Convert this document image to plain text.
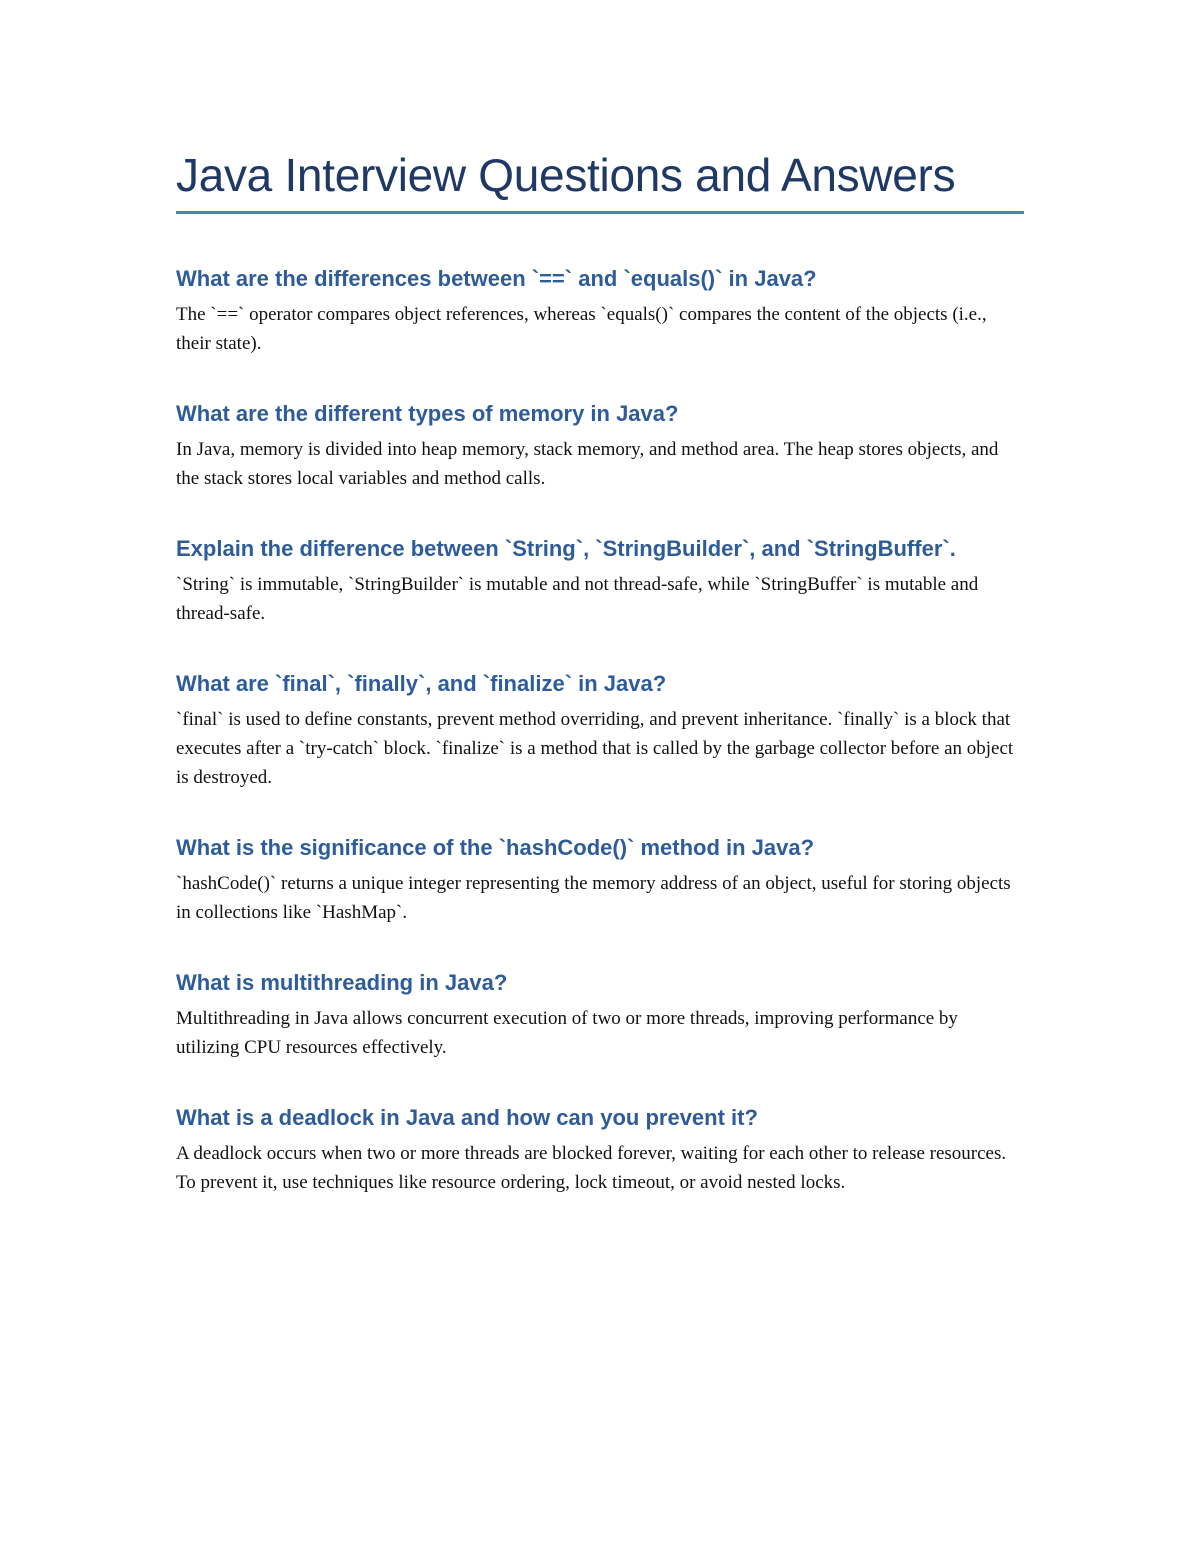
Java Interview Questions and Answers
What are the differences between `==` and `equals()` in Java?

The `==` operator compares object references, whereas `equals()` compares the content of the objects (i.e., their state).

What are the different types of memory in Java?

In Java, memory is divided into heap memory, stack memory, and method area. The heap stores objects, and the stack stores local variables and method calls.

Explain the difference between `String`, `StringBuilder`, and `StringBuffer`.

`String` is immutable, `StringBuilder` is mutable and not thread-safe, while `StringBuffer` is mutable and thread-safe.

What are `final`, `finally`, and `finalize` in Java?

`final` is used to define constants, prevent method overriding, and prevent inheritance. `finally` is a block that executes after a `try-catch` block. `finalize` is a method that is called by the garbage collector before an object is destroyed.

What is the significance of the `hashCode()` method in Java?

`hashCode()` returns a unique integer representing the memory address of an object, useful for storing objects in collections like `HashMap`.

What is multithreading in Java?

Multithreading in Java allows concurrent execution of two or more threads, improving performance by utilizing CPU resources effectively.

What is a deadlock in Java and how can you prevent it?

A deadlock occurs when two or more threads are blocked forever, waiting for each other to release resources. To prevent it, use techniques like resource ordering, lock timeout, or avoid nested locks.
